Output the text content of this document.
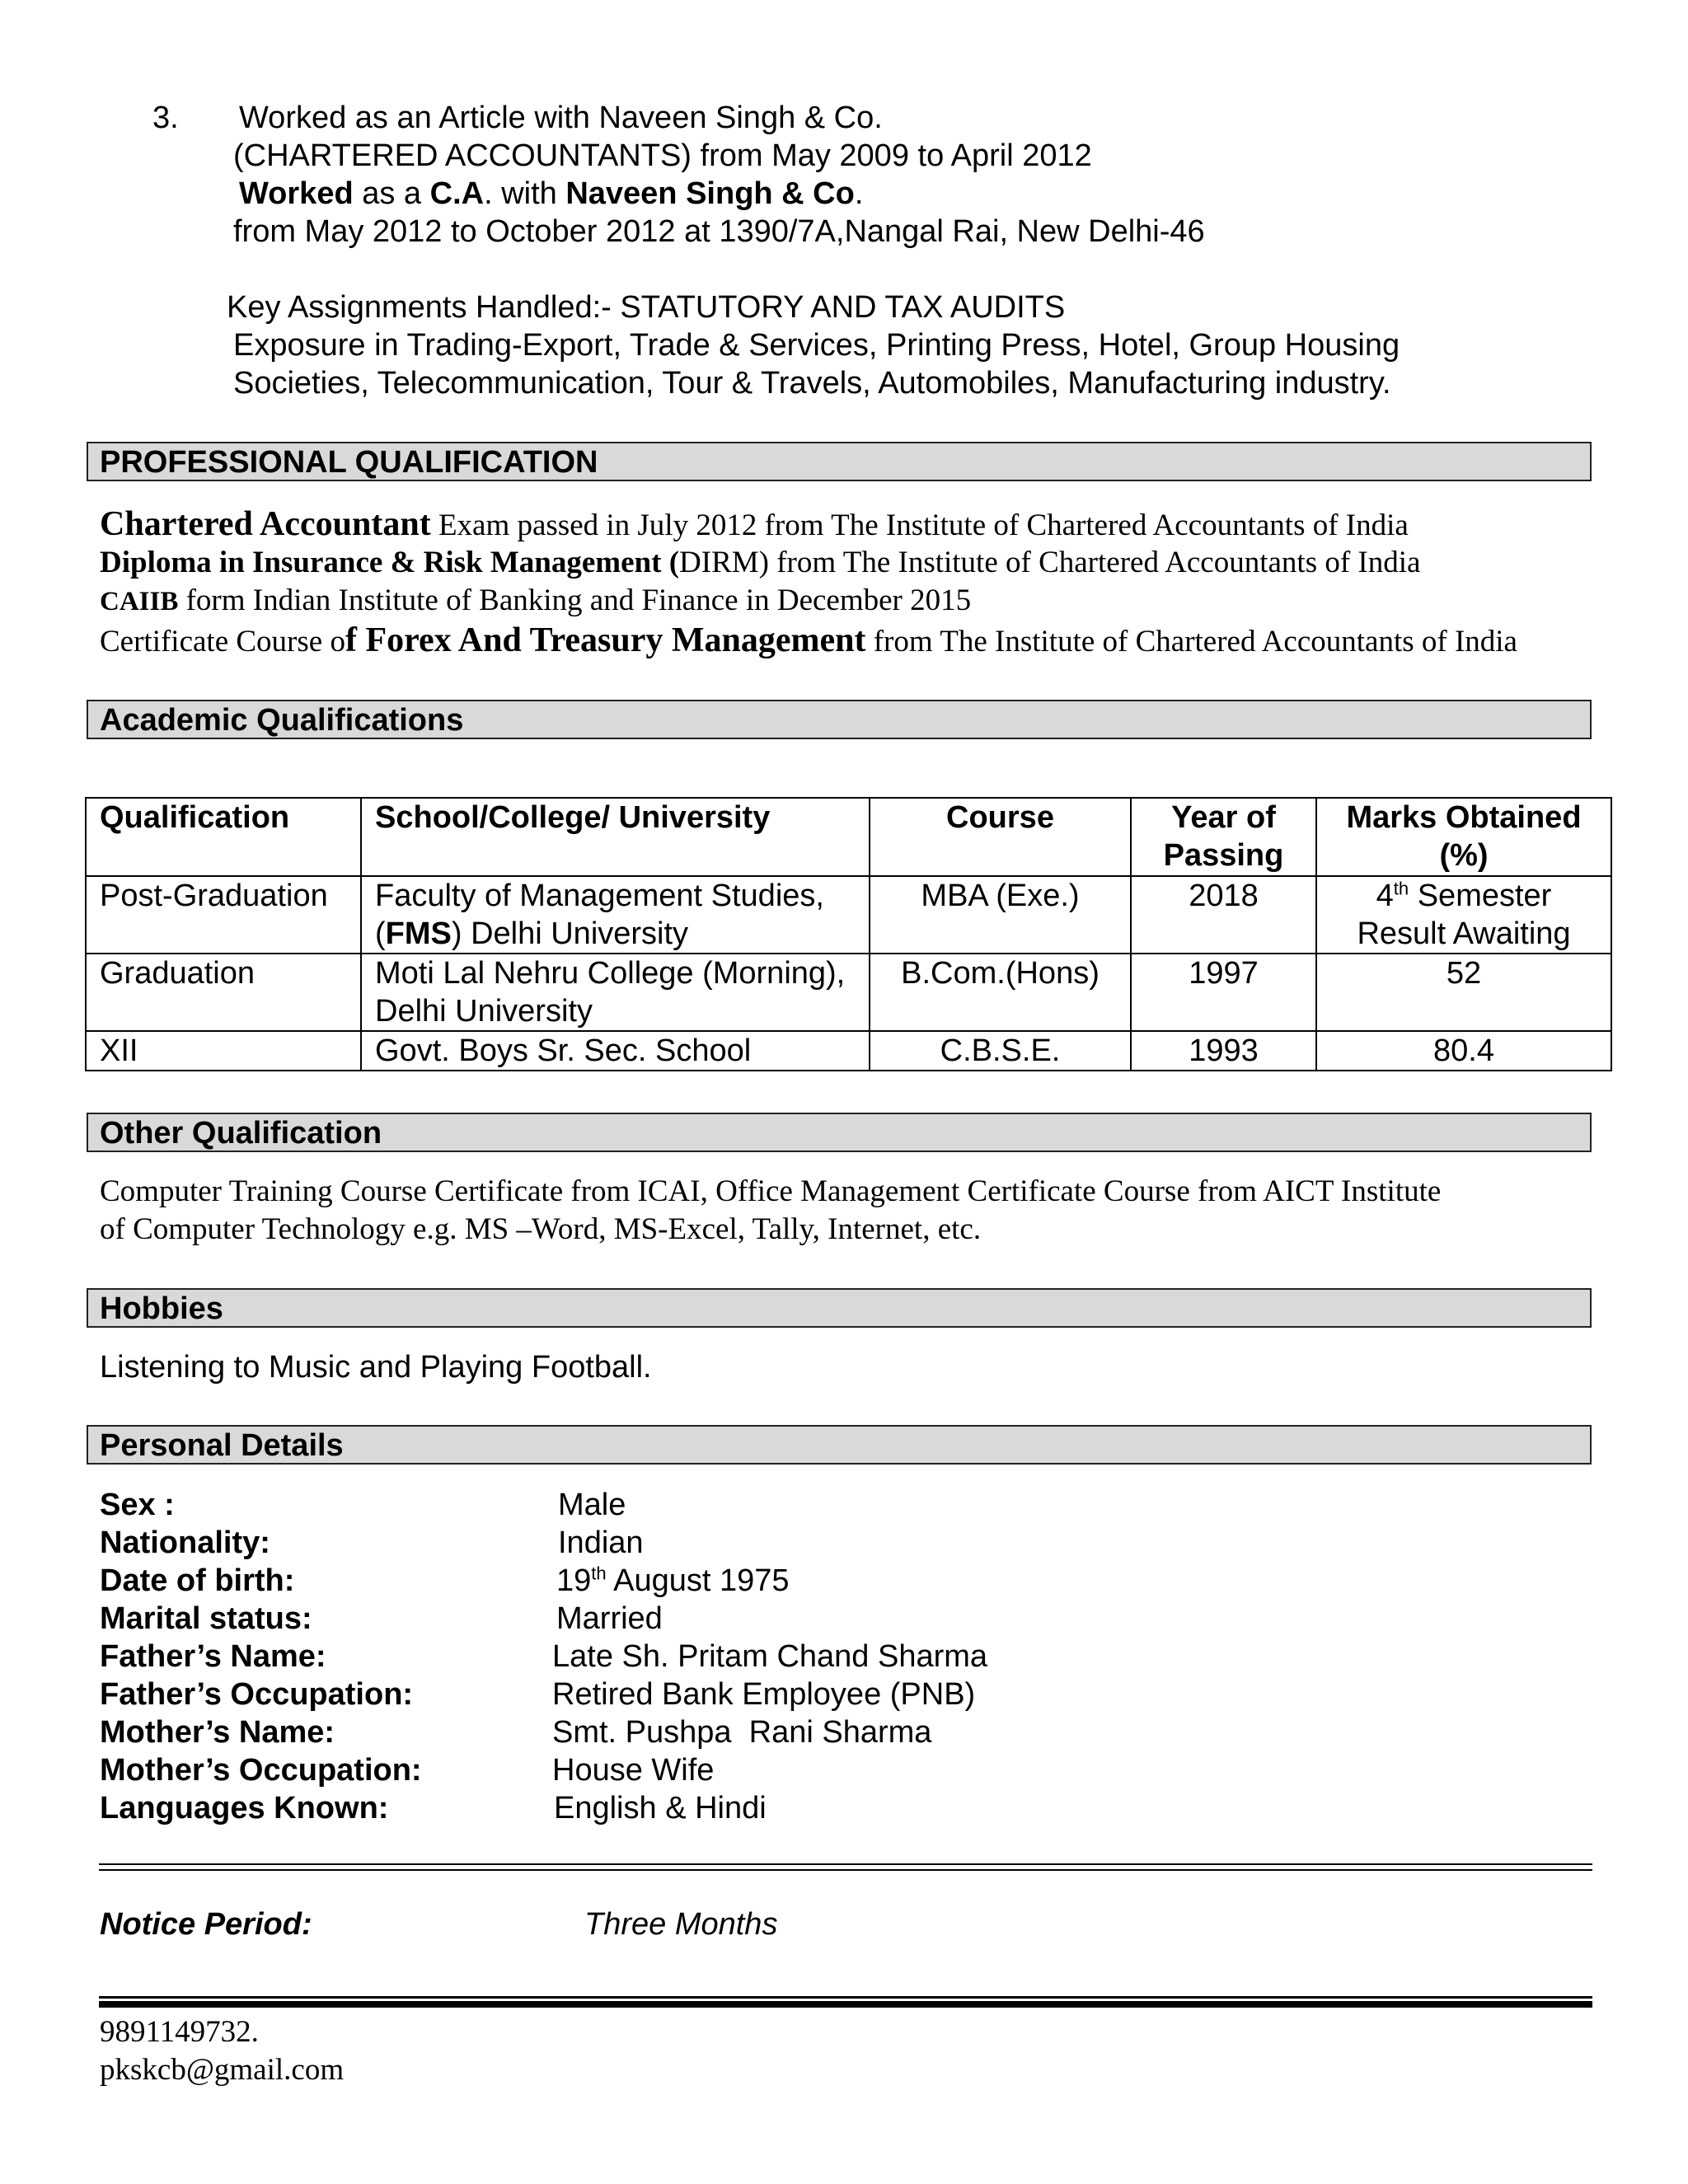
3. Worked as an Article with Naveen Singh & Co.
(CHARTERED ACCOUNTANTS) from May 2009 to April 2012
Worked as a C.A. with Naveen Singh & Co.
from May 2012 to October 2012 at 1390/7A,Nangal Rai, New Delhi-46
Key Assignments Handled:- STATUTORY AND TAX AUDITS
Exposure in Trading-Export, Trade & Services, Printing Press, Hotel, Group Housing
Societies, Telecommunication, Tour & Travels, Automobiles, Manufacturing industry.
PROFESSIONAL QUALIFICATION
Chartered Accountant Exam passed in July 2012 from The Institute of Chartered Accountants of India
Diploma in Insurance & Risk Management (DIRM) from The Institute of Chartered Accountants of India
CAIIB form Indian Institute of Banking and Finance in December 2015
Certificate Course of Forex And Treasury Management from The Institute of Chartered Accountants of India
Academic Qualifications
Qualification	School/College/ University	Course	Year of Passing	Marks Obtained (%)
Post-Graduation	Faculty of Management Studies, (FMS) Delhi University	MBA (Exe.)	2018	4th Semester Result Awaiting
Graduation	Moti Lal Nehru College (Morning), Delhi University	B.Com.(Hons)	1997	52
XII	Govt. Boys Sr. Sec. School	C.B.S.E.	1993	80.4
Other Qualification
Computer Training Course Certificate from ICAI, Office Management Certificate Course from AICT Institute
of Computer Technology e.g. MS –Word, MS-Excel, Tally, Internet, etc.
Hobbies
Listening to Music and Playing Football.
Personal Details
Sex :	Male
Nationality:	Indian
Date of birth:	19th August 1975
Marital status:	Married
Father’s Name:	Late Sh. Pritam Chand Sharma
Father’s Occupation:	Retired Bank Employee (PNB)
Mother’s Name:	Smt. Pushpa  Rani Sharma
Mother’s Occupation:	House Wife
Languages Known:	English & Hindi
Notice Period:	Three Months
9891149732.
pkskcb@gmail.com
